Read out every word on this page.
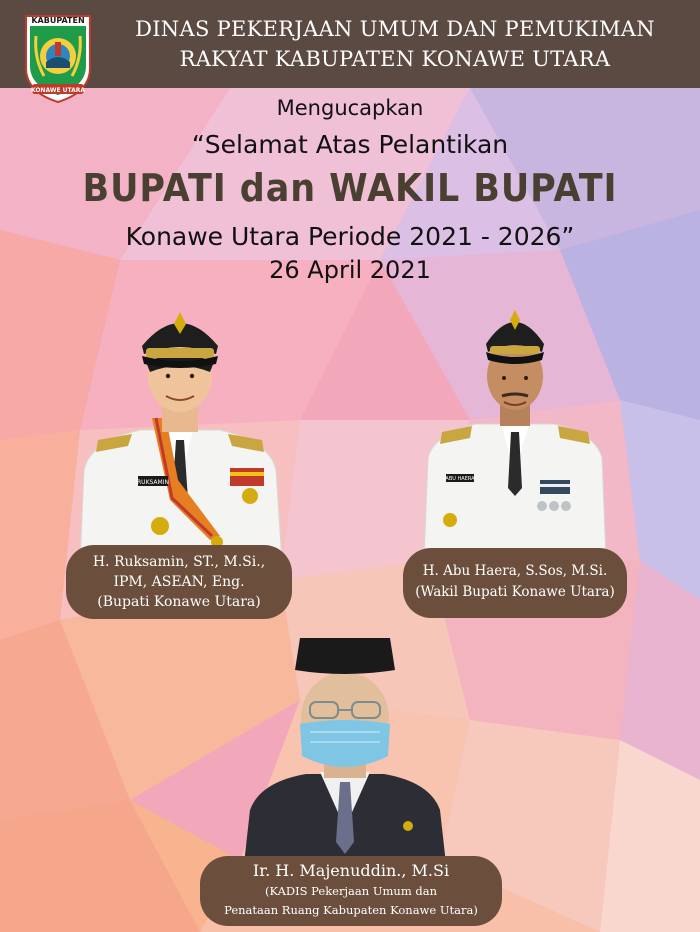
KABUPATEN
KONAWE UTARA
DINAS PEKERJAAN UMUM DAN PEMUKIMAN
RAKYAT KABUPATEN KONAWE UTARA
Mengucapkan
“Selamat Atas Pelantikan
BUPATI dan WAKIL BUPATI
Konawe Utara Periode 2021 - 2026”
26 April 2021
RUKSAMIN
H. Ruksamin, ST., M.Si.,
IPM, ASEAN, Eng.
(Bupati Konawe Utara)
ABU HAERA
H. Abu Haera, S.Sos, M.Si.
(Wakil Bupati Konawe Utara)
Ir. H. Majenuddin., M.Si
(KADIS Pekerjaan Umum dan
Penataan Ruang Kabupaten Konawe Utara)
